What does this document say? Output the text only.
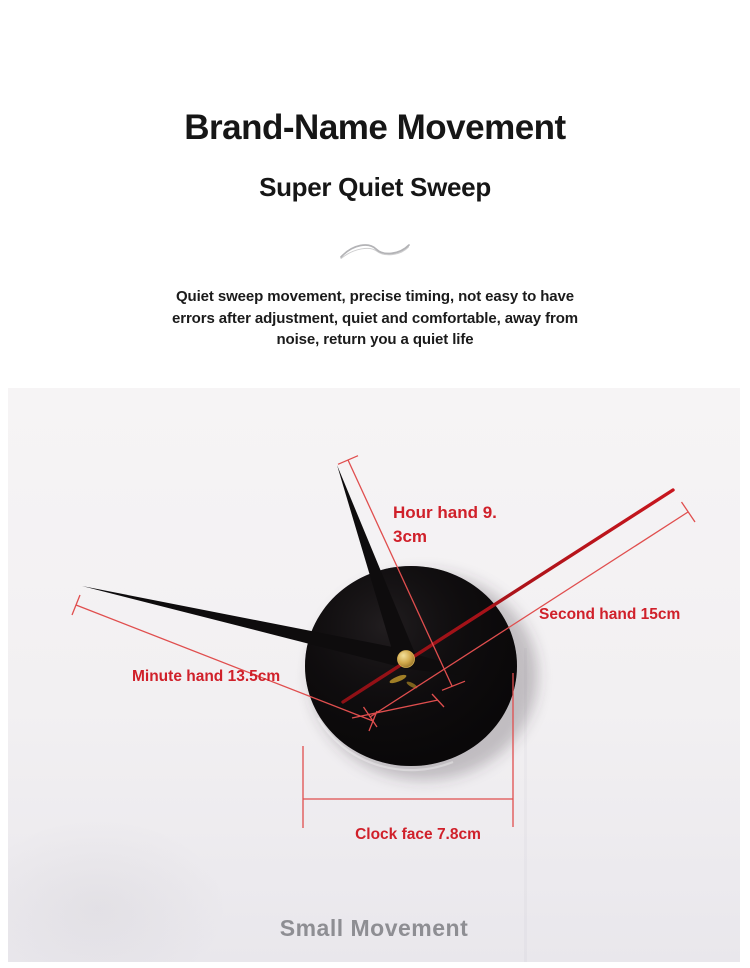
Brand-Name Movement
Super Quiet Sweep
Quiet sweep movement, precise timing, not easy to have
errors after adjustment, quiet and comfortable, away from
noise, return you a quiet life
Hour hand 9.
3cm
Second hand 15cm
Minute hand 13.5cm
Clock face 7.8cm
Small Movement
